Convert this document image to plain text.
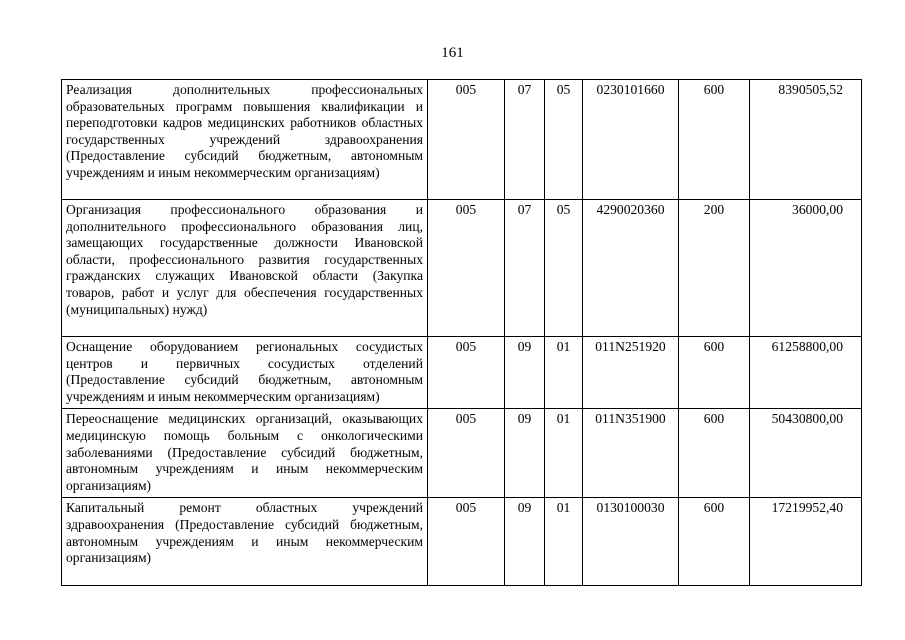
161
Реализация дополнительных профессиональных образовательных программ повышения квалификации и переподготовки кадров медицинских работников областных государственных учреждений здравоохранения (Предоставление субсидий бюджетным, автономным учреждениям и иным некоммерческим организациям)	005	07	05	0230101660	600	8390505,52
Организация профессионального образования и дополнительного профессионального образования лиц, замещающих государственные должности Ивановской области, профессионального развития государственных гражданских служащих Ивановской области (Закупка товаров, работ и услуг для обеспечения государственных (муниципальных) нужд)	005	07	05	4290020360	200	36000,00
Оснащение оборудованием региональных сосудистых центров и первичных сосудистых отделений (Предоставление субсидий бюджетным, автономным учреждениям и иным некоммерческим организациям)	005	09	01	011N251920	600	61258800,00
Переоснащение медицинских организаций, оказывающих медицинскую помощь больным с онкологическими заболеваниями (Предоставление субсидий бюджетным, автономным учреждениям и иным некоммерческим организациям)	005	09	01	011N351900	600	50430800,00
Капитальный ремонт областных учреждений здравоохранения (Предоставление субсидий бюджетным, автономным учреждениям и иным некоммерческим организациям)	005	09	01	0130100030	600	17219952,40
